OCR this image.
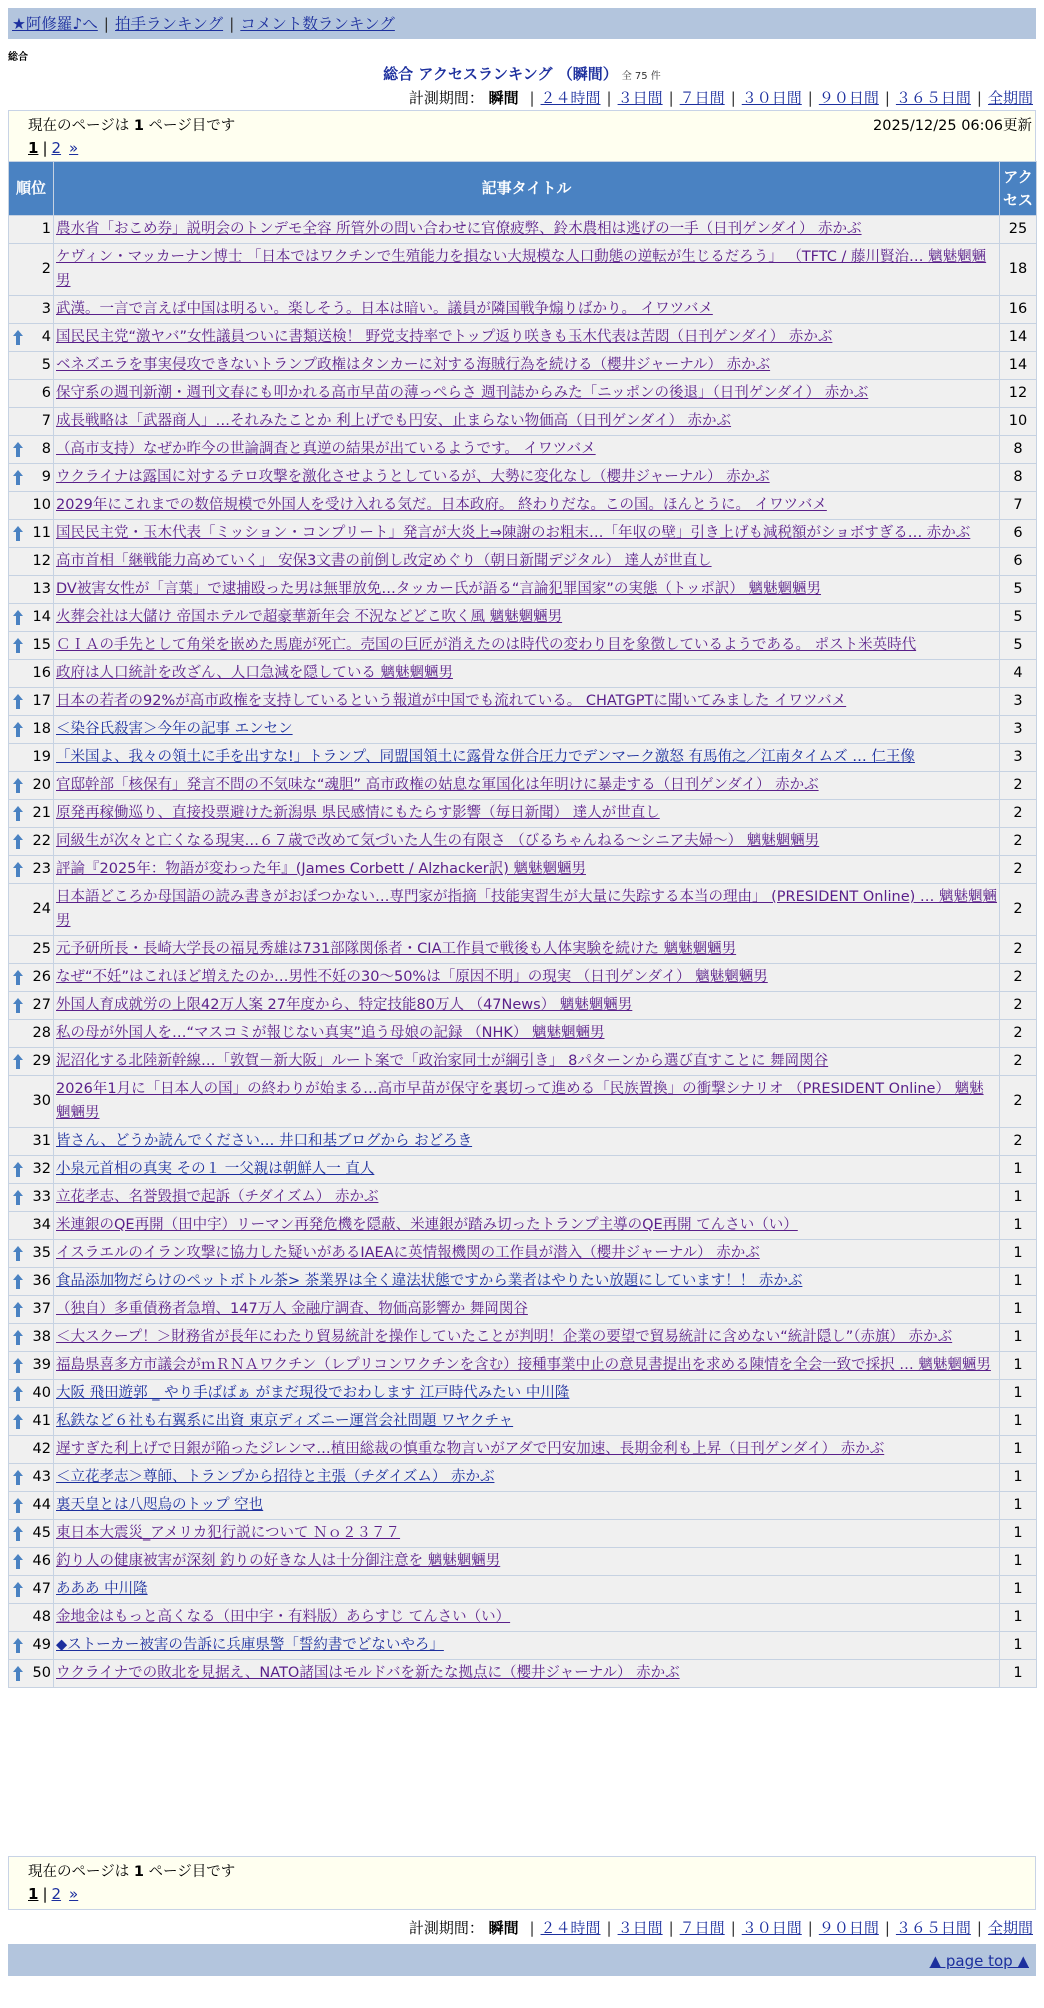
★阿修羅♪へ | 拍手ランキング | コメント数ランキング
総合
総合 アクセスランキング （瞬間） 全 75 件
計測期間： 瞬間 | ２４時間 | ３日間 | ７日間 | ３０日間 | ９０日間 | ３６５日間 | 全期間
現在のページは 1 ページ目です	2025/12/25 06:06更新
1 | 2 »
順位	記事タイトル	アクセス
1	農水省「おこめ券」説明会のトンデモ全容 所管外の問い合わせに官僚疲弊、鈴木農相は逃げの一手（日刊ゲンダイ） 赤かぶ	25
2	ケヴィン・マッカーナン博士 「日本ではワクチンで生殖能力を損ない大規模な人口動態の逆転が生じるだろう」 （TFTC / 藤川賢治… 魑魅魍魎男	18
3	武漢。一言で言えば中国は明るい。楽しそう。日本は暗い。議員が隣国戦争煽りばかり。 イワツバメ	16

4	国民民主党“激ヤバ”女性議員ついに書類送検！ 野党支持率でトップ返り咲きも玉木代表は苦悶（日刊ゲンダイ） 赤かぶ	14
5	ベネズエラを事実侵攻できないトランプ政権はタンカーに対する海賊行為を続ける（櫻井ジャーナル） 赤かぶ	14
6	保守系の週刊新潮・週刊文春にも叩かれる高市早苗の薄っぺらさ 週刊誌からみた「ニッポンの後退」（日刊ゲンダイ） 赤かぶ	12
7	成長戦略は「武器商人」…それみたことか 利上げでも円安、止まらない物価高（日刊ゲンダイ） 赤かぶ	10

8	（高市支持）なぜか昨今の世論調査と真逆の結果が出ているようです。 イワツバメ	8

9	ウクライナは露国に対するテロ攻撃を激化させようとしているが、大勢に変化なし（櫻井ジャーナル） 赤かぶ	8
10	2029年にこれまでの数倍規模で外国人を受け入れる気だ。日本政府。 終わりだな。この国。ほんとうに。 イワツバメ	7

11	国民民主党・玉木代表「ミッション・コンプリート」発言が大炎上⇒陳謝のお粗末…「年収の壁」引き上げも減税額がショボすぎる… 赤かぶ	6
12	高市首相「継戦能力高めていく」 安保3文書の前倒し改定めぐり（朝日新聞デジタル） 達人が世直し	6
13	DV被害女性が「言葉」で逮捕殴った男は無罪放免…タッカー氏が語る“言論犯罪国家”の実態（トッポ訳） 魑魅魍魎男	5

14	火葬会社は大儲け 帝国ホテルで超豪華新年会 不況などどこ吹く風 魑魅魍魎男	5

15	ＣＩＡの手先として角栄を嵌めた馬鹿が死亡。売国の巨匠が消えたのは時代の変わり目を象徴しているようである。 ポスト米英時代	5
16	政府は人口統計を改ざん、人口急減を隠している 魑魅魍魎男	4

17	日本の若者の92%が高市政権を支持しているという報道が中国でも流れている。 CHATGPTに聞いてみました イワツバメ	3

18	＜染谷氏殺害＞今年の記事 エンセン	3
19	「米国よ、我々の領土に手を出すな!」トランプ、同盟国領土に露骨な併合圧力でデンマーク激怒 有馬侑之／江南タイムズ … 仁王像	3

20	官邸幹部「核保有」発言不問の不気味な“魂胆” 高市政権の姑息な軍国化は年明けに暴走する（日刊ゲンダイ） 赤かぶ	2

21	原発再稼働巡り、直接投票避けた新潟県 県民感情にもたらす影響（毎日新聞） 達人が世直し	2

22	同級生が次々と亡くなる現実…６７歳で改めて気づいた人生の有限さ （びるちゃんねる～シニア夫婦～） 魑魅魍魎男	2

23	評論『2025年：物語が変わった年』(James Corbett / Alzhacker訳) 魑魅魍魎男	2
24	日本語どころか母国語の読み書きがおぼつかない…専門家が指摘「技能実習生が大量に失踪する本当の理由」 (PRESIDENT Online) … 魑魅魍魎男	2
25	元予研所長・長崎大学長の福見秀雄は731部隊関係者・CIA工作員で戦後も人体実験を続けた 魑魅魍魎男	2

26	なぜ“不妊”はこれほど増えたのか…男性不妊の30～50%は「原因不明」の現実 （日刊ゲンダイ） 魑魅魍魎男	2

27	外国人育成就労の上限42万人案 27年度から、特定技能80万人 （47News） 魑魅魍魎男	2
28	私の母が外国人を…“マスコミが報じない真実”追う母娘の記録 （NHK） 魑魅魍魎男	2

29	泥沼化する北陸新幹線…「敦賀－新大阪」ルート案で「政治家同士が綱引き」 8パターンから選び直すことに 舞岡関谷	2
30	2026年1月に「日本人の国」の終わりが始まる…高市早苗が保守を裏切って進める「民族置換」の衝撃シナリオ （PRESIDENT Online） 魑魅魍魎男	2
31	皆さん、どうか読んでください… 井口和基ブログから おどろき	2

32	小泉元首相の真実 その１ 一父親は朝鮮人一 直人	1

33	立花孝志、名誉毀損で起訴（チダイズム） 赤かぶ	1
34	米連銀のQE再開（田中宇）リーマン再発危機を隠蔽、米連銀が踏み切ったトランプ主導のQE再開 てんさい（い）	1

35	イスラエルのイラン攻撃に協力した疑いがあるIAEAに英情報機関の工作員が潜入（櫻井ジャーナル） 赤かぶ	1

36	食品添加物だらけのペットボトル茶> 茶業界は全く違法状態ですから業者はやりたい放題にしています！！ 赤かぶ	1

37	（独自）多重債務者急増、147万人 金融庁調査、物価高影響か 舞岡関谷	1

38	＜大スクープ！＞財務省が長年にわたり貿易統計を操作していたことが判明！企業の要望で貿易統計に含めない“統計隠し”（赤旗） 赤かぶ	1

39	福島県喜多方市議会がｍＲＮＡワクチン（レプリコンワクチンを含む）接種事業中止の意見書提出を求める陳情を全会一致で採択 … 魑魅魍魎男	1

40	大阪 飛田遊郭 _ やり手ばばぁ がまだ現役でおわします 江戸時代みたい 中川隆	1

41	私鉄など６社も右翼系に出資 東京ディズニー運営会社問題 ワヤクチャ	1
42	遅すぎた利上げで日銀が陥ったジレンマ…植田総裁の慎重な物言いがアダで円安加速、長期金利も上昇（日刊ゲンダイ） 赤かぶ	1

43	＜立花孝志＞尊師、トランプから招待と主張（チダイズム） 赤かぶ	1

44	裏天皇とは八咫烏のトップ 空也	1

45	東日本大震災_アメリカ犯行説について Ｎｏ２３７７	1

46	釣り人の健康被害が深刻 釣りの好きな人は十分御注意を 魑魅魍魎男	1

47	あああ 中川隆	1
48	金地金はもっと高くなる（田中宇・有料版）あらすじ てんさい（い）	1

49	◆ストーカー被害の告訴に兵庫県警「誓約書でどないやろ」	1

50	ウクライナでの敗北を見据え、NATO諸国はモルドバを新たな拠点に（櫻井ジャーナル） 赤かぶ	1
現在のページは 1 ページ目です
1 | 2 »
計測期間： 瞬間 | ２４時間 | ３日間 | ７日間 | ３０日間 | ９０日間 | ３６５日間 | 全期間
▲ page top ▲
